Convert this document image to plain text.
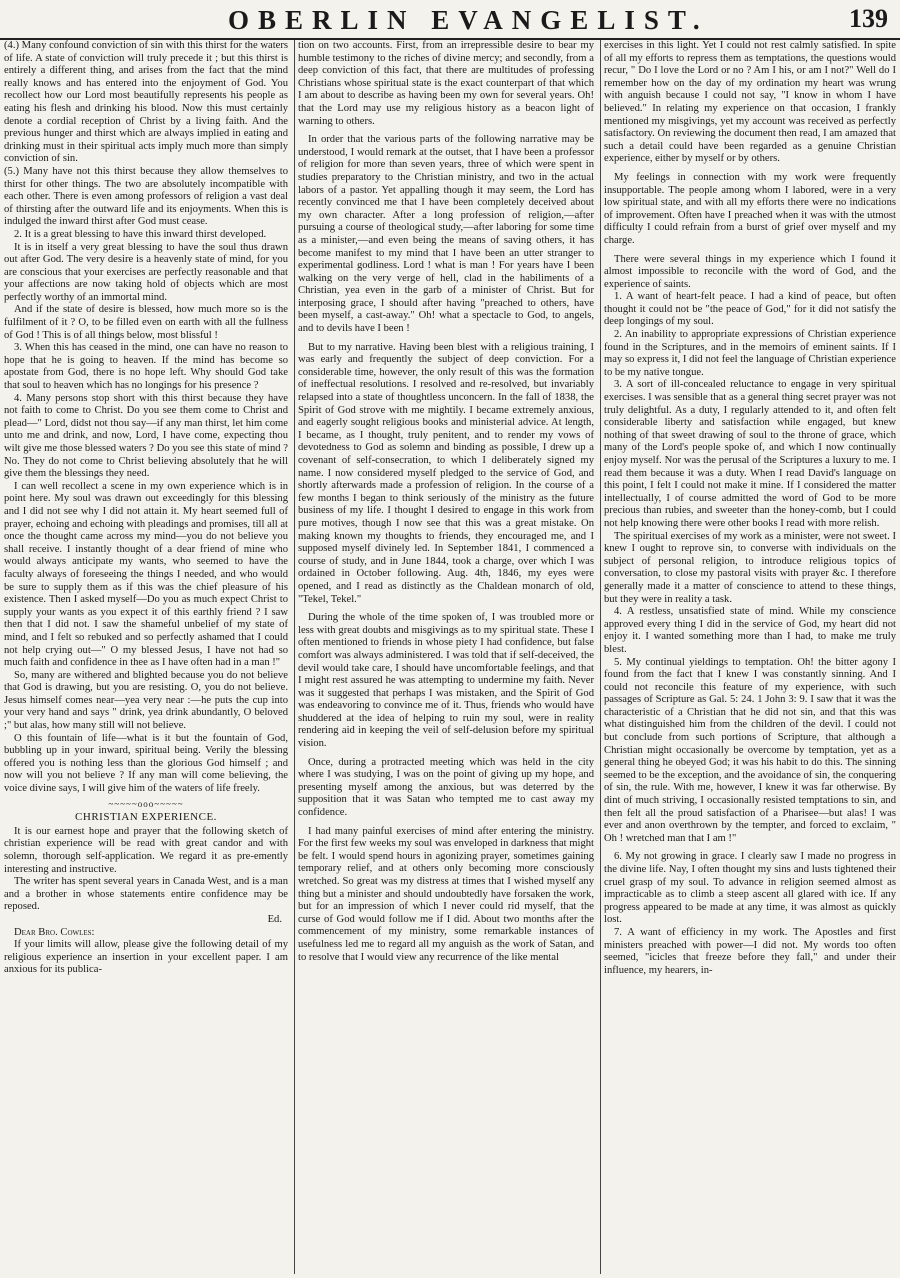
OBERLIN EVANGELIST.	139

(4.) Many confound conviction of sin with this thirst for the waters of life. A state of conviction will truly precede it ; but this thirst is entirely a different thing, and arises from the fact that the mind really knows and has entered into the enjoyment of God. You recollect how our Lord most beautifully represents his people as eating his flesh and drinking his blood. Now this must certainly denote a cordial reception of Christ by a living faith. And the previous hunger and thirst which are always implied in eating and drinking must in their spiritual acts imply much more than simply conviction of sin.

(5.) Many have not this thirst because they allow themselves to thirst for other things. The two are absolutely incompatible with each other. There is even among professors of religion a vast deal of thirsting after the outward life and its enjoyments. When this is indulged the inward thirst after God must cease.

2. It is a great blessing to have this inward thirst developed.

It is in itself a very great blessing to have the soul thus drawn out after God. The very desire is a heavenly state of mind, for you are conscious that your exercises are perfectly reasonable and that your affections are now taking hold of objects which are most perfectly worthy of an immortal mind.

And if the state of desire is blessed, how much more so is the fulfilment of it ? O, to be filled even on earth with all the fullness of God ! This is of all things below, most blissful !

3. When this has ceased in the mind, one can have no reason to hope that he is going to heaven. If the mind has become so apostate from God, there is no hope left. Why should God take that soul to heaven which has no longings for his presence ?

4. Many persons stop short with this thirst because they have not faith to come to Christ. Do you see them come to Christ and plead—" Lord, didst not thou say—if any man thirst, let him come unto me and drink, and now, Lord, I have come, expecting thou wilt give me those blessed waters ? Do you see this state of mind ? No. They do not come to Christ believing absolutely that he will give them the blessings they need.

I can well recollect a scene in my own experience which is in point here. My soul was drawn out exceedingly for this blessing and I did not see why I did not attain it. My heart seemed full of prayer, echoing and echoing with pleadings and promises, till all at once the thought came across my mind—you do not believe you shall receive. I instantly thought of a dear friend of mine who would always anticipate my wants, who seemed to have the faculty always of foreseeing the things I needed, and who would be sure to supply them as if this was the chief pleasure of his existence. Then I asked myself—Do you as much expect Christ to supply your wants as you expect it of this earthly friend ? I saw then that I did not. I saw the shameful unbelief of my state of mind, and I felt so rebuked and so perfectly ashamed that I could not help crying out—" O my blessed Jesus, I have not had so much faith and confidence in thee as I have often had in a man !"

So, many are withered and blighted because you do not believe that God is drawing, but you are resisting. O, you do not believe. Jesus himself comes near—yea very near :—he puts the cup into your very hand and says " drink, yea drink abundantly, O beloved ;" but alas, how many still will not believe.

O this fountain of life—what is it but the fountain of God, bubbling up in your inward, spiritual being. Verily the blessing offered you is nothing less than the glorious God himself ; and now will you not believe ? If any man will come believing, the voice divine says, I will give him of the waters of life freely.

~~~~~ooo~~~~~
CHRISTIAN EXPERIENCE.

It is our earnest hope and prayer that the following sketch of christian experience will be read with great candor and with solemn, thorough self-application. We regard it as pre-emently interesting and instructive.

The writer has spent several years in Canada West, and is a man and a brother in whose statements entire confidence may be reposed.

Ed.

Dear Bro. Cowles:

If your limits will allow, please give the following detail of my religious experience an insertion in your excellent paper. I am anxious for its publica-

tion on two accounts. First, from an irrepressible desire to bear my humble testimony to the riches of divine mercy; and secondly, from a deep conviction of this fact, that there are multitudes of professing Christians whose spiritual state is the exact counterpart of that which I am about to describe as having been my own for several years. Oh! that the Lord may use my religious history as a beacon light of warning to others.

In order that the various parts of the following narrative may be understood, I would remark at the outset, that I have been a professor of religion for more than seven years, three of which were spent in studies preparatory to the Christian ministry, and two in the actual labors of a pastor. Yet appalling though it may seem, the Lord has recently convinced me that I have been completely deceived about my own character. After a long profession of religion,—after pursuing a course of theological study,—after laboring for some time as a minister,—and even being the means of saving others, it has become manifest to my mind that I have been an utter stranger to experimental godliness. Lord ! what is man ! For years have I been walking on the very verge of hell, clad in the habiliments of a Christian, yea even in the garb of a minister of Christ. But for interposing grace, I should after having "preached to others, have been myself, a cast-away." Oh! what a spectacle to God, to angels, and to devils have I been !

But to my narrative. Having been blest with a religious training, I was early and frequently the subject of deep conviction. For a considerable time, however, the only result of this was the formation of ineffectual resolutions. I resolved and re-resolved, but invariably relapsed into a state of thoughtless unconcern. In the fall of 1838, the Spirit of God strove with me mightily. I became extremely anxious, and eagerly sought religious books and ministerial advice. At length, I became, as I thought, truly penitent, and to render my vows of devotedness to God as solemn and binding as possible, I drew up a covenant of self-consecration, to which I deliberately signed my name. I now considered myself pledged to the service of God, and shortly afterwards made a profession of religion. In the course of a few months I began to think seriously of the ministry as the future business of my life. I thought I desired to engage in this work from pure motives, though I now see that this was a great mistake. On making known my thoughts to friends, they encouraged me, and I supposed myself divinely led. In September 1841, I commenced a course of study, and in June 1844, took a charge, over which I was ordained in October following. Aug. 4th, 1846, my eyes were opened, and I read as distinctly as the Chaldean monarch of old, "Tekel, Tekel."

During the whole of the time spoken of, I was troubled more or less with great doubts and misgivings as to my spiritual state. These I often mentioned to friends in whose piety I had confidence, but false comfort was always administered. I was told that if self-deceived, the devil would take care, I should have uncomfortable feelings, and that I might rest assured he was attempting to undermine my faith. Never was it suggested that perhaps I was mistaken, and the Spirit of God was endeavoring to convince me of it. Thus, friends who would have shuddered at the idea of helping to ruin my soul, were in reality rendering aid in keeping the veil of self-delusion before my spiritual vision.

Once, during a protracted meeting which was held in the city where I was studying, I was on the point of giving up my hope, and presenting myself among the anxious, but was deterred by the supposition that it was Satan who tempted me to cast away my confidence.

I had many painful exercises of mind after entering the ministry. For the first few weeks my soul was enveloped in darkness that might be felt. I would spend hours in agonizing prayer, sometimes gaining temporary relief, and at others only becoming more consciously wretched. So great was my distress at times that I wished myself any thing but a minister and should undoubtedly have forsaken the work, but for an impression of which I never could rid myself, that the curse of God would follow me if I did. About two months after the commencement of my ministry, some remarkable instances of usefulness led me to regard all my anguish as the work of Satan, and to resolve that I would view any recurrence of the like mental

exercises in this light. Yet I could not rest calmly satisfied. In spite of all my efforts to repress them as temptations, the questions would recur, " Do I love the Lord or no ? Am I his, or am I not?" Well do I remember how on the day of my ordination my heart was wrung with anguish because I could not say, "I know in whom I have believed." In relating my experience on that occasion, I frankly mentioned my misgivings, yet my account was received as perfectly satisfactory. On reviewing the document then read, I am amazed that such a detail could have been regarded as a genuine Christian experience, either by myself or by others.

My feelings in connection with my work were frequently insupportable. The people among whom I labored, were in a very low spiritual state, and with all my efforts there were no indications of improvement. Often have I preached when it was with the utmost difficulty I could refrain from a burst of grief over myself and my charge.

There were several things in my experience which I found it almost impossible to reconcile with the word of God, and the experience of saints.

1. A want of heart-felt peace. I had a kind of peace, but often thought it could not be "the peace of God," for it did not satisfy the deep longings of my soul.

2. An inability to appropriate expressions of Christian experience found in the Scriptures, and in the memoirs of eminent saints. If I may so express it, I did not feel the language of Christian experience to be my native tongue.

3. A sort of ill-concealed reluctance to engage in very spiritual exercises. I was sensible that as a general thing secret prayer was not truly delightful. As a duty, I regularly attended to it, and often felt considerable liberty and satisfaction while engaged, but knew nothing of that sweet drawing of soul to the throne of grace, which many of the Lord's people spoke of, and which I now continually enjoy myself. Nor was the perusal of the Scriptures a luxury to me. I read them because it was a duty. When I read David's language on this point, I felt I could not make it mine. If I considered the matter intellectually, I of course admitted the word of God to be more precious than rubies, and sweeter than the honey-comb, but I could not help knowing there were other books I read with more relish.

The spiritual exercises of my work as a minister, were not sweet. I knew I ought to reprove sin, to converse with individuals on the subject of personal religion, to introduce religious topics of conversation, to close my pastoral visits with prayer &c. I therefore generally made it a matter of conscience to attend to these things, but they were in reality a task.

4. A restless, unsatisfied state of mind. While my conscience approved every thing I did in the service of God, my heart did not enjoy it. I wanted something more than I had, to make me truly blest.

5. My continual yieldings to temptation. Oh! the bitter agony I found from the fact that I knew I was constantly sinning. And I could not reconcile this feature of my experience, with such passages of Scripture as Gal. 5: 24. 1 John 3: 9. I saw that it was the characteristic of a Christian that he did not sin, and that this was what distinguished him from the children of the devil. I could not but conclude from such portions of Scripture, that although a Christian might occasionally be overcome by temptation, yet as a general thing he obeyed God; it was his habit to do this. The sinning seemed to be the exception, and the avoidance of sin, the conquering of sin, the rule. With me, however, I knew it was far otherwise. By dint of much striving, I occasionally resisted temptations to sin, and then felt all the proud satisfaction of a Pharisee—but alas! I was ever and anon overthrown by the tempter, and forced to exclaim, " Oh ! wretched man that I am !"

6. My not growing in grace. I clearly saw I made no progress in the divine life. Nay, I often thought my sins and lusts tightened their cruel grasp of my soul. To advance in religion seemed almost as impracticable as to climb a steep ascent all glared with ice. If any progress appeared to be made at any time, it was almost as quickly lost.

7. A want of efficiency in my work. The Apostles and first ministers preached with power—I did not. My words too often seemed, "icicles that freeze before they fall," and under their influence, my hearers, in-
